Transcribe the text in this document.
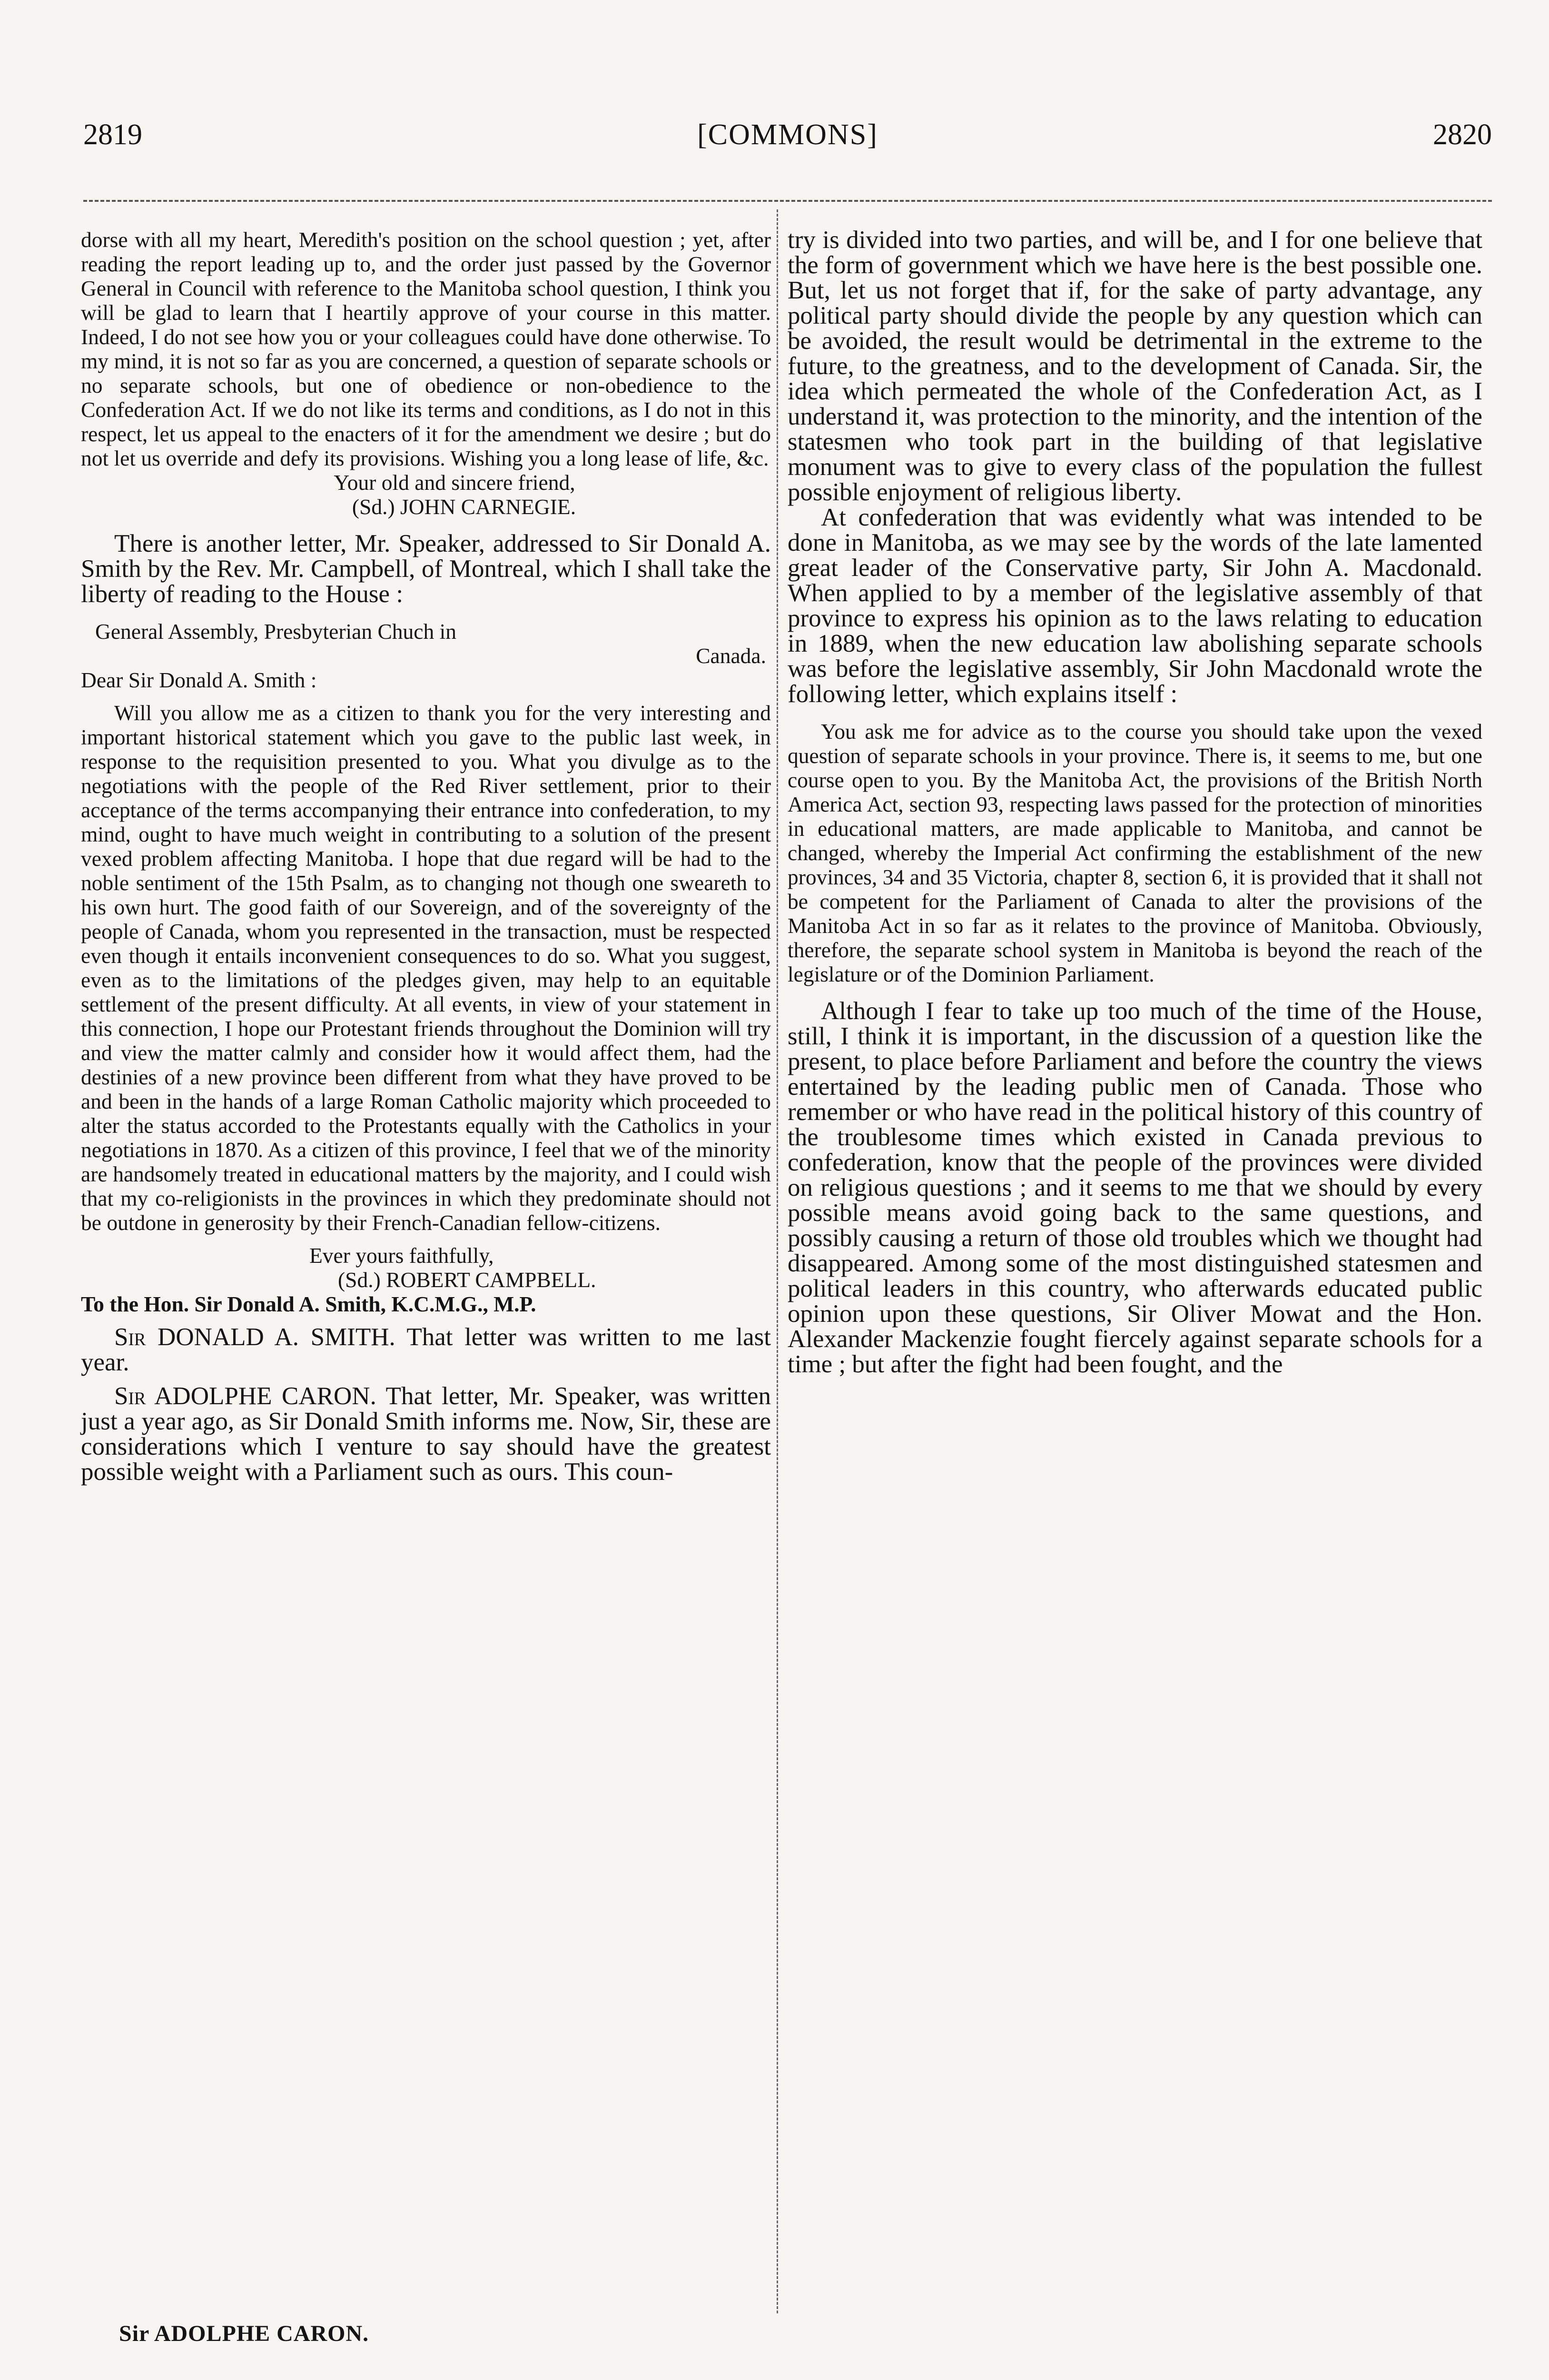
2819	[COMMONS]	2820

dorse with all my heart, Meredith's position on the school question ; yet, after reading the report leading up to, and the order just passed by the Governor General in Council with reference to the Manitoba school question, I think you will be glad to learn that I heartily approve of your course in this matter. Indeed, I do not see how you or your colleagues could have done otherwise. To my mind, it is not so far as you are concerned, a question of separate schools or no separate schools, but one of obedience or non-obedience to the Confederation Act. If we do not like its terms and conditions, as I do not in this respect, let us appeal to the enacters of it for the amendment we desire ; but do not let us override and defy its provisions. Wishing you a long lease of life, &c.

Your old and sincere friend,

(Sd.) JOHN CARNEGIE.

There is another letter, Mr. Speaker, addressed to Sir Donald A. Smith by the Rev. Mr. Campbell, of Montreal, which I shall take the liberty of reading to the House :

General Assembly, Presbyterian Chuch in

Canada.

Dear Sir Donald A. Smith :

Will you allow me as a citizen to thank you for the very interesting and important historical statement which you gave to the public last week, in response to the requisition presented to you. What you divulge as to the negotiations with the people of the Red River settlement, prior to their acceptance of the terms accompanying their entrance into confederation, to my mind, ought to have much weight in contributing to a solution of the present vexed problem affecting Manitoba. I hope that due regard will be had to the noble sentiment of the 15th Psalm, as to changing not though one sweareth to his own hurt. The good faith of our Sovereign, and of the sovereignty of the people of Canada, whom you represented in the transaction, must be respected even though it entails inconvenient consequences to do so. What you suggest, even as to the limitations of the pledges given, may help to an equitable settlement of the present difficulty. At all events, in view of your statement in this connection, I hope our Protestant friends throughout the Dominion will try and view the matter calmly and consider how it would affect them, had the destinies of a new province been different from what they have proved to be and been in the hands of a large Roman Catholic majority which proceeded to alter the status accorded to the Protestants equally with the Catholics in your negotiations in 1870. As a citizen of this province, I feel that we of the minority are handsomely treated in educational matters by the majority, and I could wish that my co-religionists in the provinces in which they predominate should not be outdone in generosity by their French-Canadian fellow-citizens.

Ever yours faithfully,

(Sd.) ROBERT CAMPBELL.

To the Hon. Sir Donald A. Smith, K.C.M.G., M.P.

Sir DONALD A. SMITH. That letter was written to me last year.

Sir ADOLPHE CARON. That letter, Mr. Speaker, was written just a year ago, as Sir Donald Smith informs me. Now, Sir, these are considerations which I venture to say should have the greatest possible weight with a Parliament such as ours. This coun-

try is divided into two parties, and will be, and I for one believe that the form of government which we have here is the best possible one. But, let us not forget that if, for the sake of party advantage, any political party should divide the people by any question which can be avoided, the result would be detrimental in the extreme to the future, to the greatness, and to the development of Canada. Sir, the idea which permeated the whole of the Confederation Act, as I understand it, was protection to the minority, and the intention of the statesmen who took part in the building of that legislative monument was to give to every class of the population the fullest possible enjoyment of religious liberty.

At confederation that was evidently what was intended to be done in Manitoba, as we may see by the words of the late lamented great leader of the Conservative party, Sir John A. Macdonald. When applied to by a member of the legislative assembly of that province to express his opinion as to the laws relating to education in 1889, when the new education law abolishing separate schools was before the legislative assembly, Sir John Macdonald wrote the following letter, which explains itself :

You ask me for advice as to the course you should take upon the vexed question of separate schools in your province. There is, it seems to me, but one course open to you. By the Manitoba Act, the provisions of the British North America Act, section 93, respecting laws passed for the protection of minorities in educational matters, are made applicable to Manitoba, and cannot be changed, whereby the Imperial Act confirming the establishment of the new provinces, 34 and 35 Victoria, chapter 8, section 6, it is provided that it shall not be competent for the Parliament of Canada to alter the provisions of the Manitoba Act in so far as it relates to the province of Manitoba. Obviously, therefore, the separate school system in Manitoba is beyond the reach of the legislature or of the Dominion Parliament.

Although I fear to take up too much of the time of the House, still, I think it is important, in the discussion of a question like the present, to place before Parliament and before the country the views entertained by the leading public men of Canada. Those who remember or who have read in the political history of this country of the troublesome times which existed in Canada previous to confederation, know that the people of the provinces were divided on religious questions ; and it seems to me that we should by every possible means avoid going back to the same questions, and possibly causing a return of those old troubles which we thought had disappeared. Among some of the most distinguished statesmen and political leaders in this country, who afterwards educated public opinion upon these questions, Sir Oliver Mowat and the Hon. Alexander Mackenzie fought fiercely against separate schools for a time ; but after the fight had been fought, and the

Sir ADOLPHE CARON.
